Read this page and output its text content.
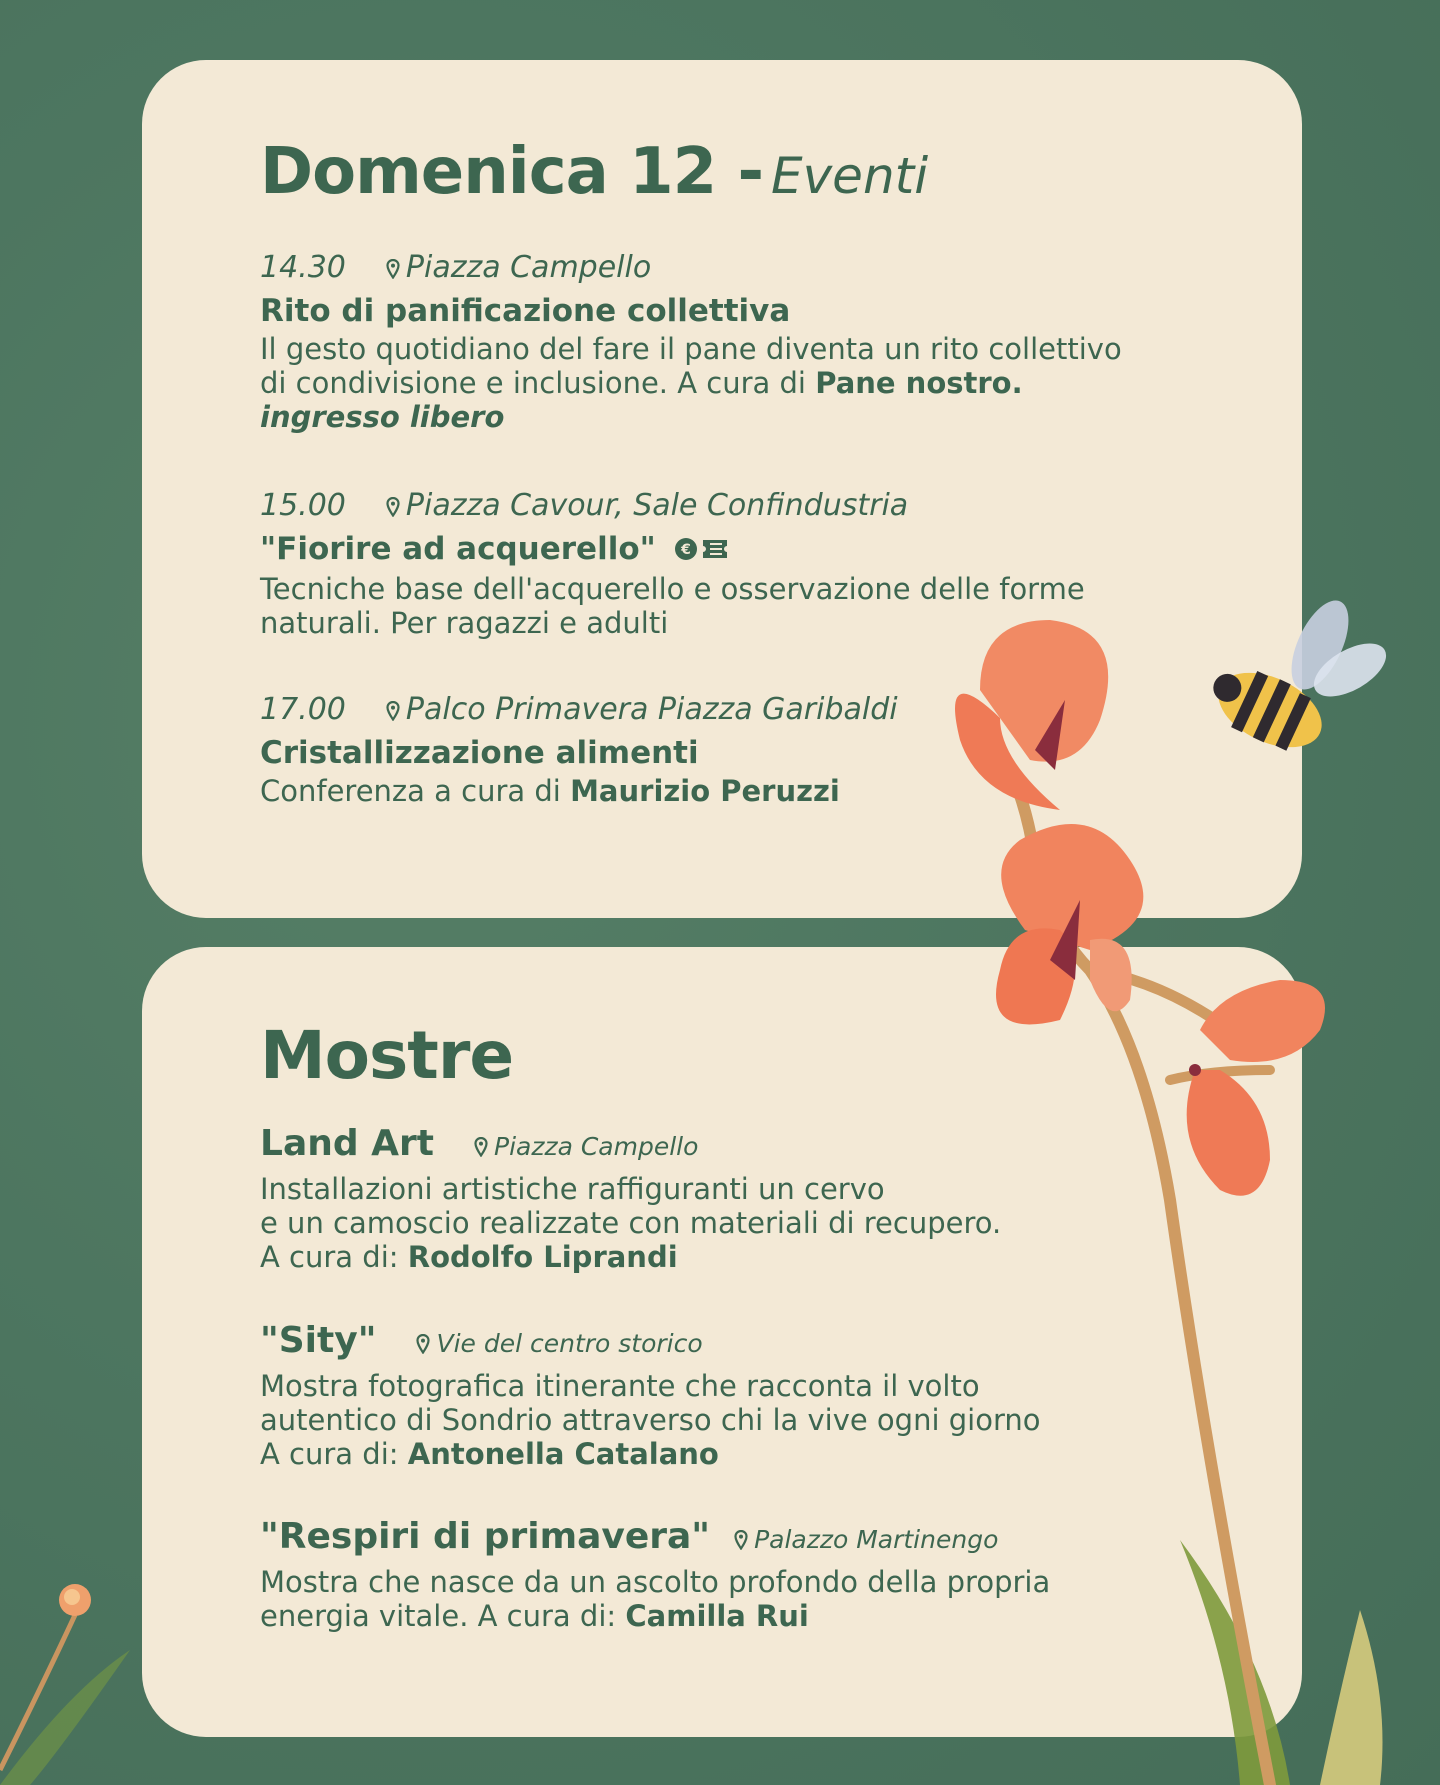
Domenica 12 - Eventi
14.30 Piazza Campello
Rito di panificazione collettiva
Il gesto quotidiano del fare il pane diventa un rito collettivo
di condivisione e inclusione. A cura di Pane nostro.
ingresso libero
15.00 Piazza Cavour, Sale Confindustria
"Fiorire ad acquerello" €
Tecniche base dell'acquerello e osservazione delle forme
naturali. Per ragazzi e adulti
17.00 Palco Primavera Piazza Garibaldi
Cristallizzazione alimenti
Conferenza a cura di Maurizio Peruzzi
Mostre
Land Art Piazza Campello
Installazioni artistiche raffiguranti un cervo
e un camoscio realizzate con materiali di recupero.
A cura di: Rodolfo Liprandi
"Sity" Vie del centro storico
Mostra fotografica itinerante che racconta il volto
autentico di Sondrio attraverso chi la vive ogni giorno
A cura di: Antonella Catalano
"Respiri di primavera" Palazzo Martinengo
Mostra che nasce da un ascolto profondo della propria
energia vitale. A cura di: Camilla Rui
